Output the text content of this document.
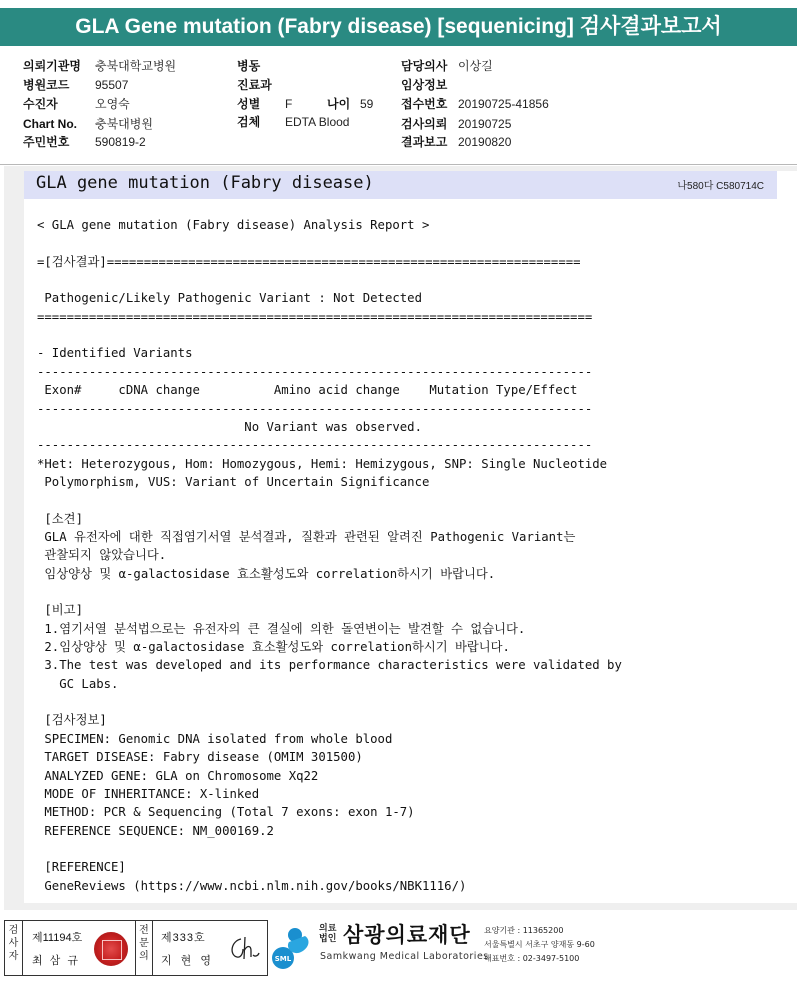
GLA Gene mutation (Fabry disease) [sequenicing] 검사결과보고서
의뢰기관명 충북대학교병원
병원코드 95507
수진자	오영숙
Chart No. 충북대병원
주민번호 590819-2
병동
진료과
성별 F	나이 59
검체 EDTA Blood
담당의사 이상길
임상정보
접수번호 20190725-41856
검사의뢰 20190725
결과보고 20190820
GLA gene mutation (Fabry disease)	나580다 C580714C
< GLA gene mutation (Fabry disease) Analysis Report >
=[검사결과]================================================================
Pathogenic/Likely Pathogenic Variant : Not Detected
===========================================================================
- Identified Variants
---------------------------------------------------------------------------
Exon#     cDNA change          Amino acid change    Mutation Type/Effect
---------------------------------------------------------------------------
No Variant was observed.
---------------------------------------------------------------------------
*Het: Heterozygous, Hom: Homozygous, Hemi: Hemizygous, SNP: Single Nucleotide
Polymorphism, VUS: Variant of Uncertain Significance
[소견]
GLA 유전자에 대한 직접염기서열 분석결과, 질환과 관련된 알려진 Pathogenic Variant는
관찰되지 않았습니다.
임상양상 및 α-galactosidase 효소활성도와 correlation하시기 바랍니다.
[비고]
1.염기서열 분석법으로는 유전자의 큰 결실에 의한 돌연변이는 발견할 수 없습니다.
2.임상양상 및 α-galactosidase 효소활성도와 correlation하시기 바랍니다.
3.The test was developed and its performance characteristics were validated by
GC Labs.
[검사정보]
SPECIMEN: Genomic DNA isolated from whole blood
TARGET DISEASE: Fabry disease (OMIM 301500)
ANALYZED GENE: GLA on Chromosome Xq22
MODE OF INHERITANCE: X-linked
METHOD: PCR & Sequencing (Total 7 exons: exon 1-7)
REFERENCE SEQUENCE: NM_000169.2
[REFERENCE]
GeneReviews (https://www.ncbi.nlm.nih.gov/books/NBK1116/)
검사자
제11194호
최 삼 규
전문의
제333호
지 현 영	SML
의료
법인 삼광의료재단
Samkwang Medical Laboratories
요양기관 : 11365200
서울특별시 서초구 양재동 9-60
대표번호 : 02-3497-5100
